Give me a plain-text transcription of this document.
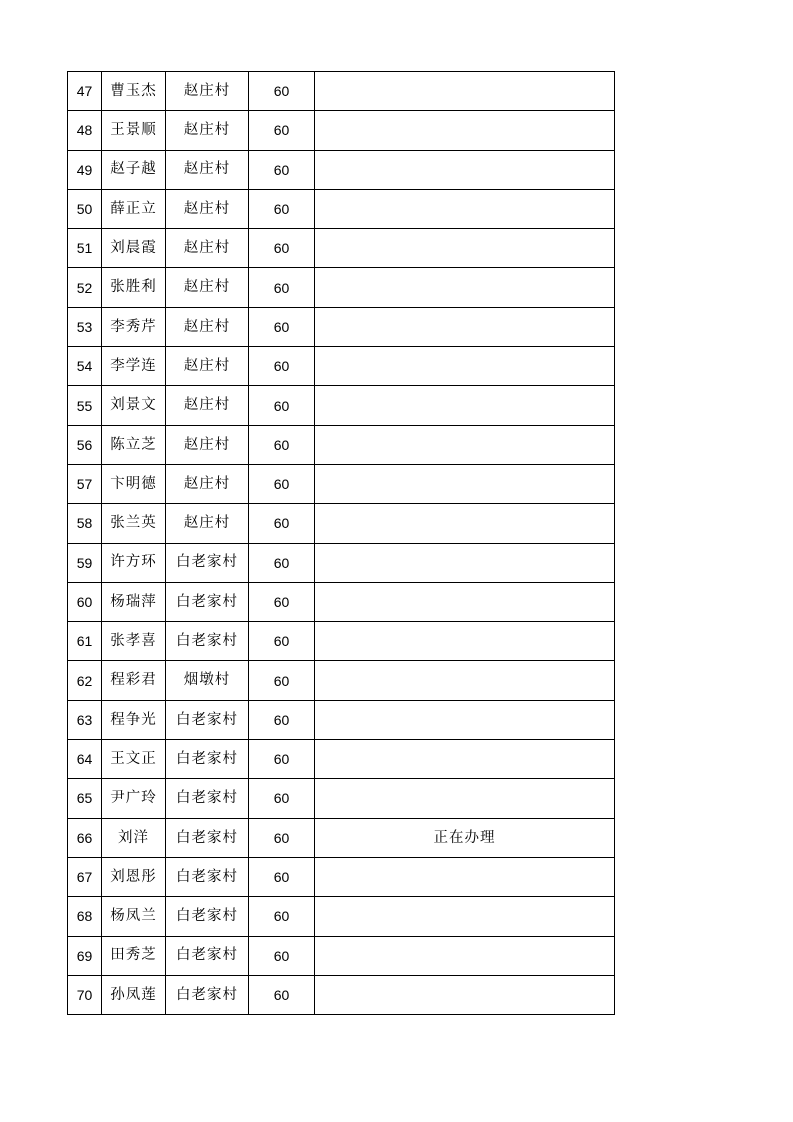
47	曹玉杰	赵庄村	60	
48	王景顺	赵庄村	60	
49	赵子越	赵庄村	60	
50	薛正立	赵庄村	60	
51	刘晨霞	赵庄村	60	
52	张胜利	赵庄村	60	
53	李秀芹	赵庄村	60	
54	李学连	赵庄村	60	
55	刘景文	赵庄村	60	
56	陈立芝	赵庄村	60	
57	卞明德	赵庄村	60	
58	张兰英	赵庄村	60	
59	许方环	白老家村	60	
60	杨瑞萍	白老家村	60	
61	张孝喜	白老家村	60	
62	程彩君	烟墩村	60	
63	程争光	白老家村	60	
64	王文正	白老家村	60	
65	尹广玲	白老家村	60	
66	刘洋	白老家村	60	正在办理
67	刘恩彤	白老家村	60	
68	杨凤兰	白老家村	60	
69	田秀芝	白老家村	60	
70	孙凤莲	白老家村	60	
